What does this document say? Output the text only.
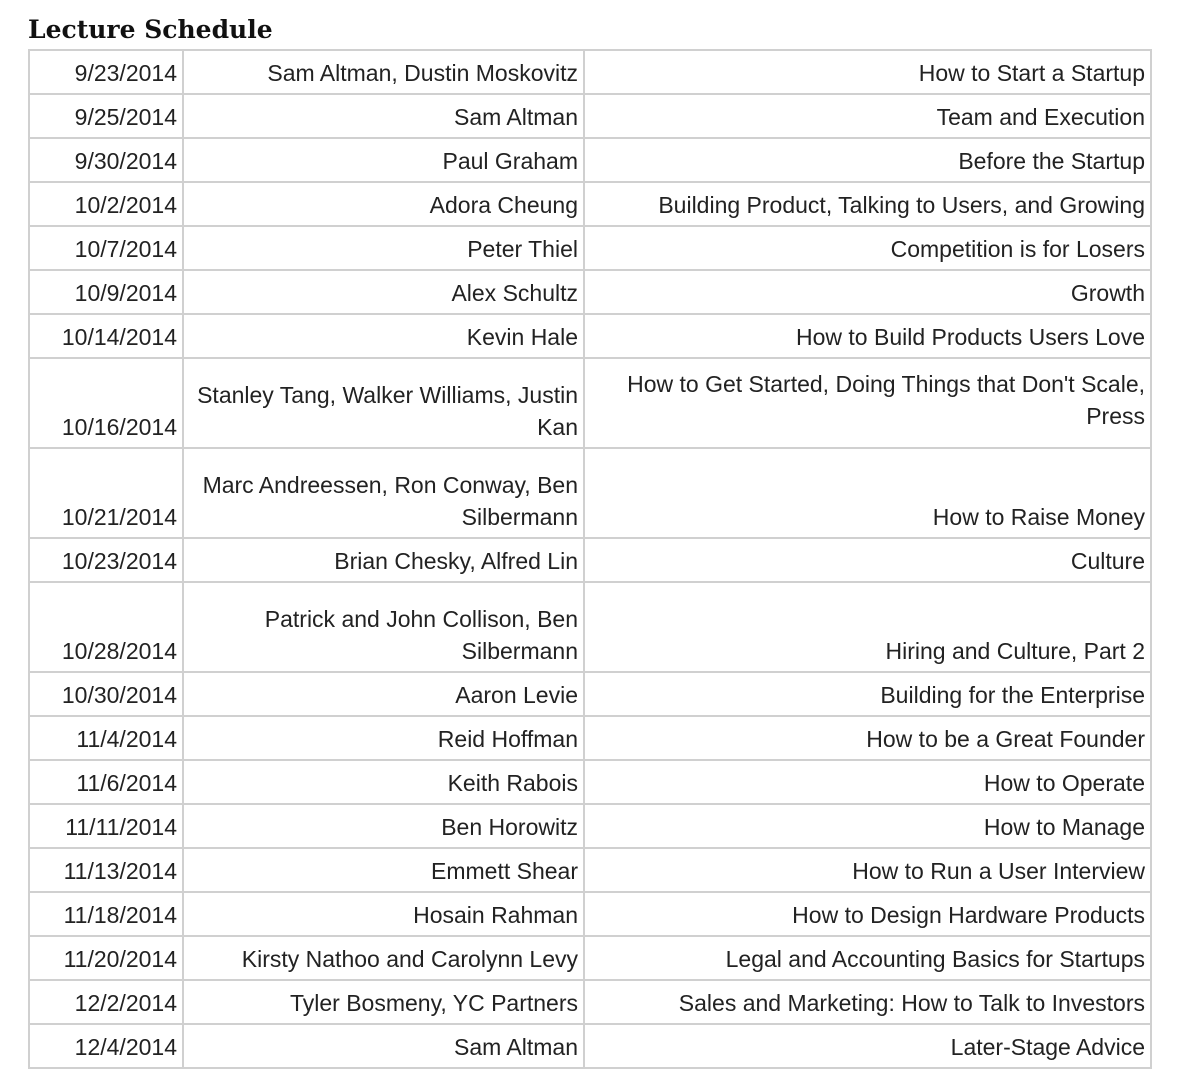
Lecture Schedule
9/23/2014	Sam Altman, Dustin Moskovitz	How to Start a Startup
9/25/2014	Sam Altman	Team and Execution
9/30/2014	Paul Graham	Before the Startup
10/2/2014	Adora Cheung	Building Product, Talking to Users, and Growing
10/7/2014	Peter Thiel	Competition is for Losers
10/9/2014	Alex Schultz	Growth
10/14/2014	Kevin Hale	How to Build Products Users Love
10/16/2014	Stanley Tang, Walker Williams, Justin Kan	How to Get Started, Doing Things that Don't Scale, Press
10/21/2014	Marc Andreessen, Ron Conway, Ben Silbermann	How to Raise Money
10/23/2014	Brian Chesky, Alfred Lin	Culture
10/28/2014	Patrick and John Collison, Ben Silbermann	Hiring and Culture, Part 2
10/30/2014	Aaron Levie	Building for the Enterprise
11/4/2014	Reid Hoffman	How to be a Great Founder
11/6/2014	Keith Rabois	How to Operate
11/11/2014	Ben Horowitz	How to Manage
11/13/2014	Emmett Shear	How to Run a User Interview
11/18/2014	Hosain Rahman	How to Design Hardware Products
11/20/2014	Kirsty Nathoo and Carolynn Levy	Legal and Accounting Basics for Startups
12/2/2014	Tyler Bosmeny, YC Partners	Sales and Marketing: How to Talk to Investors
12/4/2014	Sam Altman	Later-Stage Advice
